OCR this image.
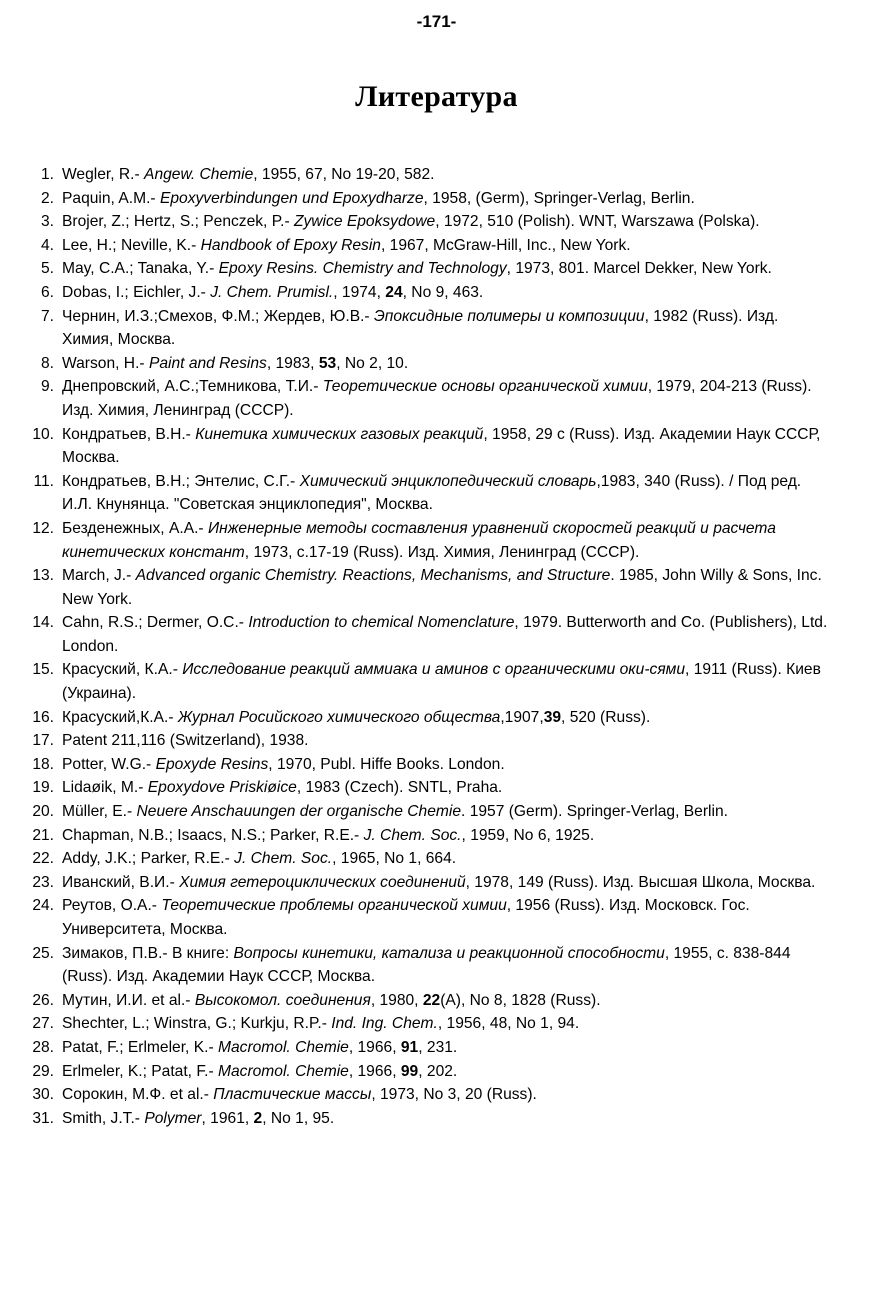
-171-
Литература
1. Wegler, R.- Angew. Chemie, 1955, 67, No 19-20, 582.
2. Paquin, A.M.- Epoxyverbindungen und Epoxydharze, 1958, (Germ), Springer-Verlag, Berlin.
3. Brojer, Z.; Hertz, S.; Penczek, P.- Zywice Epoksydowe, 1972, 510 (Polish). WNT, Warszawa (Polska).
4. Lee, H.; Neville, K.- Handbook of Epoxy Resin, 1967, McGraw-Hill, Inc., New York.
5. May, C.A.; Tanaka, Y.- Epoxy Resins. Chemistry and Technology, 1973, 801. Marcel Dekker, New York.
6. Dobas, I.; Eichler, J.- J. Chem. Prumisl., 1974, 24, No 9, 463.
7. Чернин, И.З.;Смехов, Ф.М.; Жердев, Ю.В.- Эпоксидные полимеры и композиции, 1982 (Russ). Изд. Химия, Москва.
8. Warson, H.- Paint and Resins, 1983, 53, No 2, 10.
9. Днепровский, А.С.;Темникова, Т.И.- Теоретические основы органической химии, 1979, 204-213 (Russ). Изд. Химия, Ленинград (СССР).
10. Кондратьев, В.Н.- Кинетика химических газовых реакций, 1958, 29 с (Russ). Изд. Академии Наук СССР, Москва.
11. Кондратьев, В.Н.; Энтелис, С.Г.- Химический энциклопедический словарь,1983, 340 (Russ). / Под ред. И.Л. Кнунянца. "Советская энциклопедия", Москва.
12. Безденежных, А.А.- Инженерные методы составления уравнений скоростей реакций и расчета кинетических констант, 1973, с.17-19 (Russ). Изд. Химия, Ленинград (СССР).
13. March, J.- Advanced organic Chemistry. Reactions, Mechanisms, and Structure. 1985, John Willy & Sons, Inc. New York.
14. Cahn, R.S.; Dermer, O.C.- Introduction to chemical Nomenclature, 1979. Butterworth and Co. (Publishers), Ltd. London.
15. Красуский, К.А.- Исследование реакций аммиака и аминов с органическими оки-сями, 1911 (Russ). Киев (Украина).
16. Красуский,К.А.- Журнал Росийского химического общества,1907,39, 520 (Russ).
17. Patent 211,116 (Switzerland), 1938.
18. Potter, W.G.- Epoxyde Resins, 1970, Publ. Hiffe Books. London.
19. Lidaøik, M.- Epoxydove Priskiøice, 1983 (Czech). SNTL, Praha.
20. Müller, E.- Neuere Anschauungen der organische Chemie. 1957 (Germ). Springer-Verlag, Berlin.
21. Chapman, N.B.; Isaacs, N.S.; Parker, R.E.- J. Chem. Soc., 1959, No 6, 1925.
22. Addy, J.K.; Parker, R.E.- J. Chem. Soc., 1965, No 1, 664.
23. Иванский, В.И.- Химия гетероциклических соединений, 1978, 149 (Russ). Изд. Высшая Школа, Москва.
24. Реутов, О.А.- Теоретические проблемы органической химии, 1956 (Russ). Изд. Московск. Гос. Университета, Москва.
25. Зимаков, П.В.- В книге: Вопросы кинетики, катализа и реакционной способности, 1955, с. 838-844 (Russ). Изд. Академии Наук СССР, Москва.
26. Мутин, И.И. et al.- Высокомол. соединения, 1980, 22(A), No 8, 1828 (Russ).
27. Shechter, L.; Winstra, G.; Kurkju, R.P.- Ind. Ing. Chem., 1956, 48, No 1, 94.
28. Patat, F.; Erlmeler, K.- Macromol. Chemie, 1966, 91, 231.
29. Erlmeler, K.; Patat, F.- Macromol. Chemie, 1966, 99, 202.
30. Сорокин, М.Ф. et al.- Пластические массы, 1973, No 3, 20 (Russ).
31. Smith, J.T.- Polymer, 1961, 2, No 1, 95.
